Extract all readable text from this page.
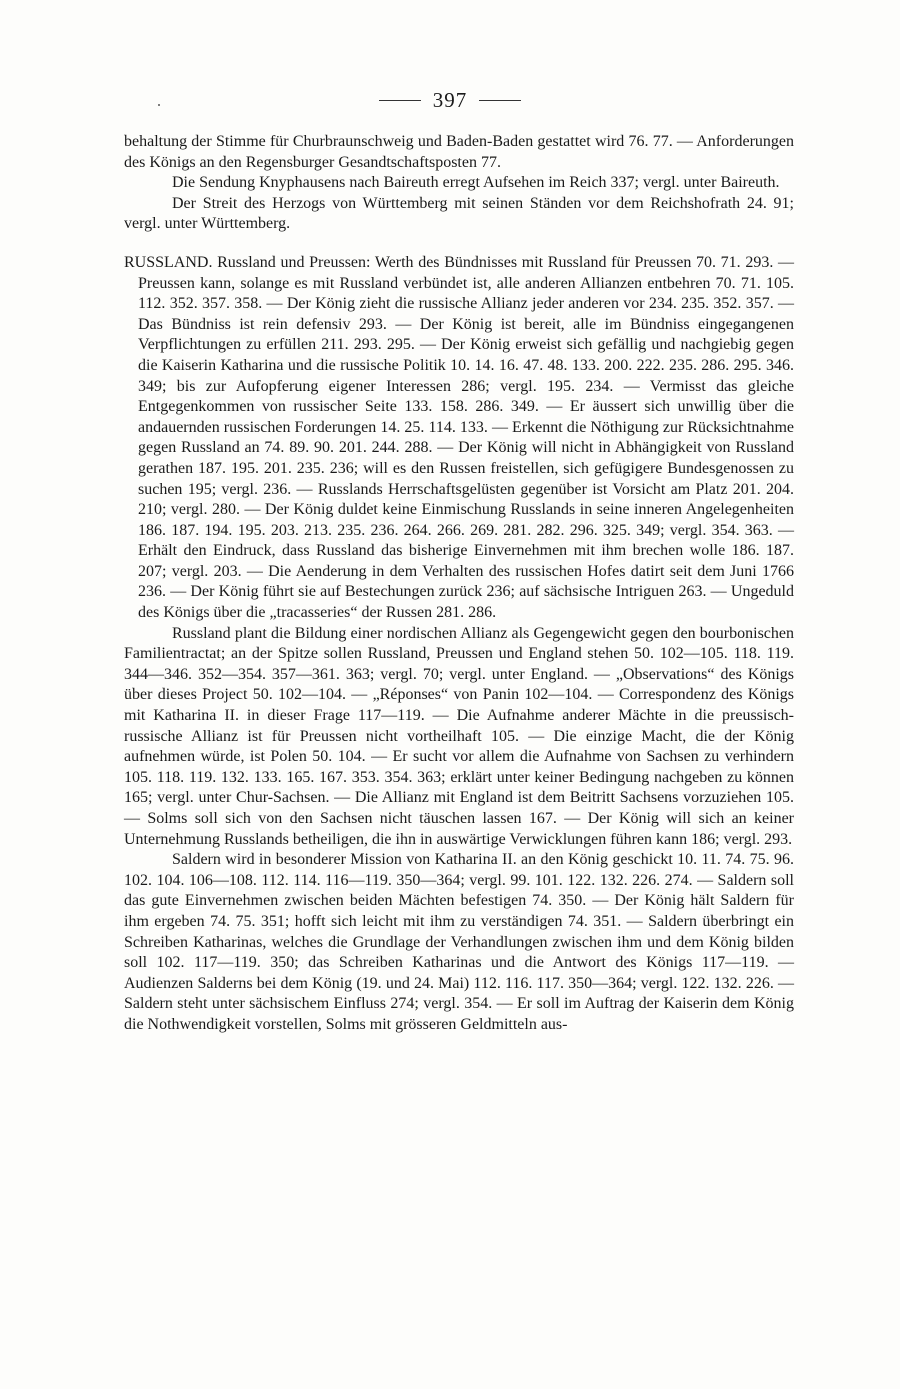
397

behaltung der Stimme für Churbraunschweig und Baden-Baden gestattet wird 76. 77. — Anforderungen des Königs an den Regensburger Gesandtschaftsposten 77.

Die Sendung Knyphausens nach Baireuth erregt Aufsehen im Reich 337; vergl. unter Baireuth.

Der Streit des Herzogs von Württemberg mit seinen Ständen vor dem Reichshofrath 24. 91; vergl. unter Württemberg.

RUSSLAND. Russland und Preussen: Werth des Bündnisses mit Russland für Preussen 70. 71. 293. — Preussen kann, solange es mit Russland verbündet ist, alle anderen Allianzen entbehren 70. 71. 105. 112. 352. 357. 358. — Der König zieht die russische Allianz jeder anderen vor 234. 235. 352. 357. — Das Bündniss ist rein defensiv 293. — Der König ist bereit, alle im Bündniss eingegangenen Verpflichtungen zu erfüllen 211. 293. 295. — Der König erweist sich gefällig und nachgiebig gegen die Kaiserin Katharina und die russische Politik 10. 14. 16. 47. 48. 133. 200. 222. 235. 286. 295. 346. 349; bis zur Aufopferung eigener Interessen 286; vergl. 195. 234. — Vermisst das gleiche Entgegenkommen von russischer Seite 133. 158. 286. 349. — Er äussert sich unwillig über die andauernden russischen Forderungen 14. 25. 114. 133. — Erkennt die Nöthigung zur Rücksichtnahme gegen Russland an 74. 89. 90. 201. 244. 288. — Der König will nicht in Abhängigkeit von Russland gerathen 187. 195. 201. 235. 236; will es den Russen freistellen, sich gefügigere Bundesgenossen zu suchen 195; vergl. 236. — Russlands Herrschaftsgelüsten gegenüber ist Vorsicht am Platz 201. 204. 210; vergl. 280. — Der König duldet keine Einmischung Russlands in seine inneren Angelegenheiten 186. 187. 194. 195. 203. 213. 235. 236. 264. 266. 269. 281. 282. 296. 325. 349; vergl. 354. 363. — Erhält den Eindruck, dass Russland das bisherige Einvernehmen mit ihm brechen wolle 186. 187. 207; vergl. 203. — Die Aenderung in dem Verhalten des russischen Hofes datirt seit dem Juni 1766 236. — Der König führt sie auf Bestechungen zurück 236; auf sächsische Intriguen 263. — Ungeduld des Königs über die „tracasseries“ der Russen 281. 286.

Russland plant die Bildung einer nordischen Allianz als Gegengewicht gegen den bourbonischen Familientractat; an der Spitze sollen Russland, Preussen und England stehen 50. 102—105. 118. 119. 344—346. 352—354. 357—361. 363; vergl. 70; vergl. unter England. — „Observations“ des Königs über dieses Project 50. 102—104. — „Réponses“ von Panin 102—104. — Correspondenz des Königs mit Katharina II. in dieser Frage 117—119. — Die Aufnahme anderer Mächte in die preussisch-russische Allianz ist für Preussen nicht vortheilhaft 105. — Die einzige Macht, die der König aufnehmen würde, ist Polen 50. 104. — Er sucht vor allem die Aufnahme von Sachsen zu verhindern 105. 118. 119. 132. 133. 165. 167. 353. 354. 363; erklärt unter keiner Bedingung nachgeben zu können 165; vergl. unter Chur-Sachsen. — Die Allianz mit England ist dem Beitritt Sachsens vorzuziehen 105. — Solms soll sich von den Sachsen nicht täuschen lassen 167. — Der König will sich an keiner Unternehmung Russlands betheiligen, die ihn in auswärtige Verwicklungen führen kann 186; vergl. 293.

Saldern wird in besonderer Mission von Katharina II. an den König geschickt 10. 11. 74. 75. 96. 102. 104. 106—108. 112. 114. 116—119. 350—364; vergl. 99. 101. 122. 132. 226. 274. — Saldern soll das gute Einvernehmen zwischen beiden Mächten befestigen 74. 350. — Der König hält Saldern für ihm ergeben 74. 75. 351; hofft sich leicht mit ihm zu verständigen 74. 351. — Saldern überbringt ein Schreiben Katharinas, welches die Grundlage der Verhandlungen zwischen ihm und dem König bilden soll 102. 117—119. 350; das Schreiben Katharinas und die Antwort des Königs 117—119. — Audienzen Salderns bei dem König (19. und 24. Mai) 112. 116. 117. 350—364; vergl. 122. 132. 226. — Saldern steht unter sächsischem Einfluss 274; vergl. 354. — Er soll im Auftrag der Kaiserin dem König die Nothwendigkeit vorstellen, Solms mit grösseren Geldmitteln aus-
